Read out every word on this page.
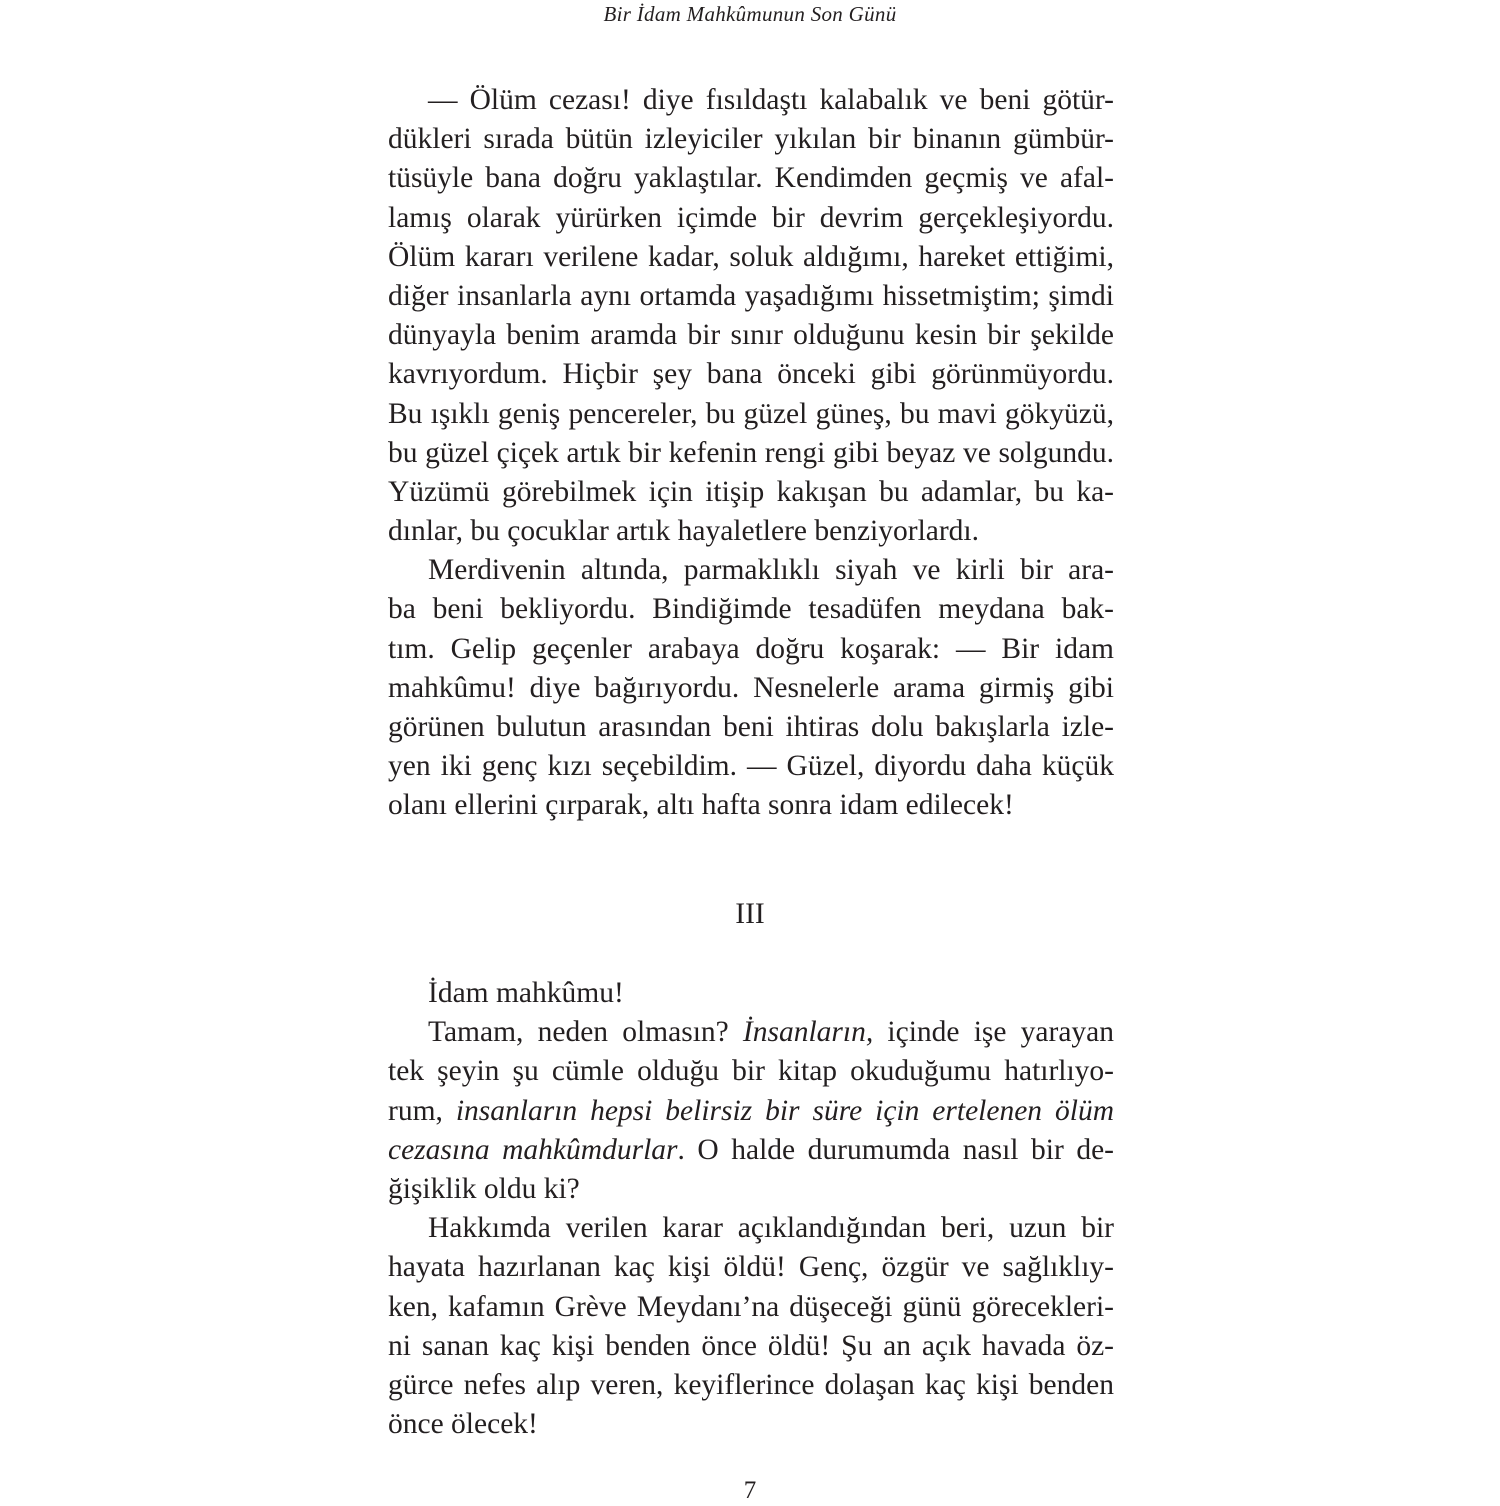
Bir İdam Mahkûmunun Son Günü
— Ölüm cezası! diye fısıldaştı kalabalık ve beni götür-
dükleri sırada bütün izleyiciler yıkılan bir binanın gümbür-
tüsüyle bana doğru yaklaştılar. Kendimden geçmiş ve afal-
lamış olarak yürürken içimde bir devrim gerçekleşiyordu.
Ölüm kararı verilene kadar, soluk aldığımı, hareket ettiğimi,
diğer insanlarla aynı ortamda yaşadığımı hissetmiştim; şimdi
dünyayla benim aramda bir sınır olduğunu kesin bir şekilde
kavrıyordum. Hiçbir şey bana önceki gibi görünmüyordu.
Bu ışıklı geniş pencereler, bu güzel güneş, bu mavi gökyüzü,
bu güzel çiçek artık bir kefenin rengi gibi beyaz ve solgundu.
Yüzümü görebilmek için itişip kakışan bu adamlar, bu ka-
dınlar, bu çocuklar artık hayaletlere benziyorlardı.
Merdivenin altında, parmaklıklı siyah ve kirli bir ara-
ba beni bekliyordu. Bindiğimde tesadüfen meydana bak-
tım. Gelip geçenler arabaya doğru koşarak: — Bir idam
mahkûmu! diye bağırıyordu. Nesnelerle arama girmiş gibi
görünen bulutun arasından beni ihtiras dolu bakışlarla izle-
yen iki genç kızı seçebildim. — Güzel, diyordu daha küçük
olanı ellerini çırparak, altı hafta sonra idam edilecek!
III
İdam mahkûmu!
Tamam, neden olmasın? İnsanların, içinde işe yarayan
tek şeyin şu cümle olduğu bir kitap okuduğumu hatırlıyo-
rum, insanların hepsi belirsiz bir süre için ertelenen ölüm
cezasına mahkûmdurlar. O halde durumumda nasıl bir de-
ğişiklik oldu ki?
Hakkımda verilen karar açıklandığından beri, uzun bir
hayata hazırlanan kaç kişi öldü! Genç, özgür ve sağlıklıy-
ken, kafamın Grève Meydanı’na düşeceği günü görecekleri-
ni sanan kaç kişi benden önce öldü! Şu an açık havada öz-
gürce nefes alıp veren, keyiflerince dolaşan kaç kişi benden
önce ölecek!
7
